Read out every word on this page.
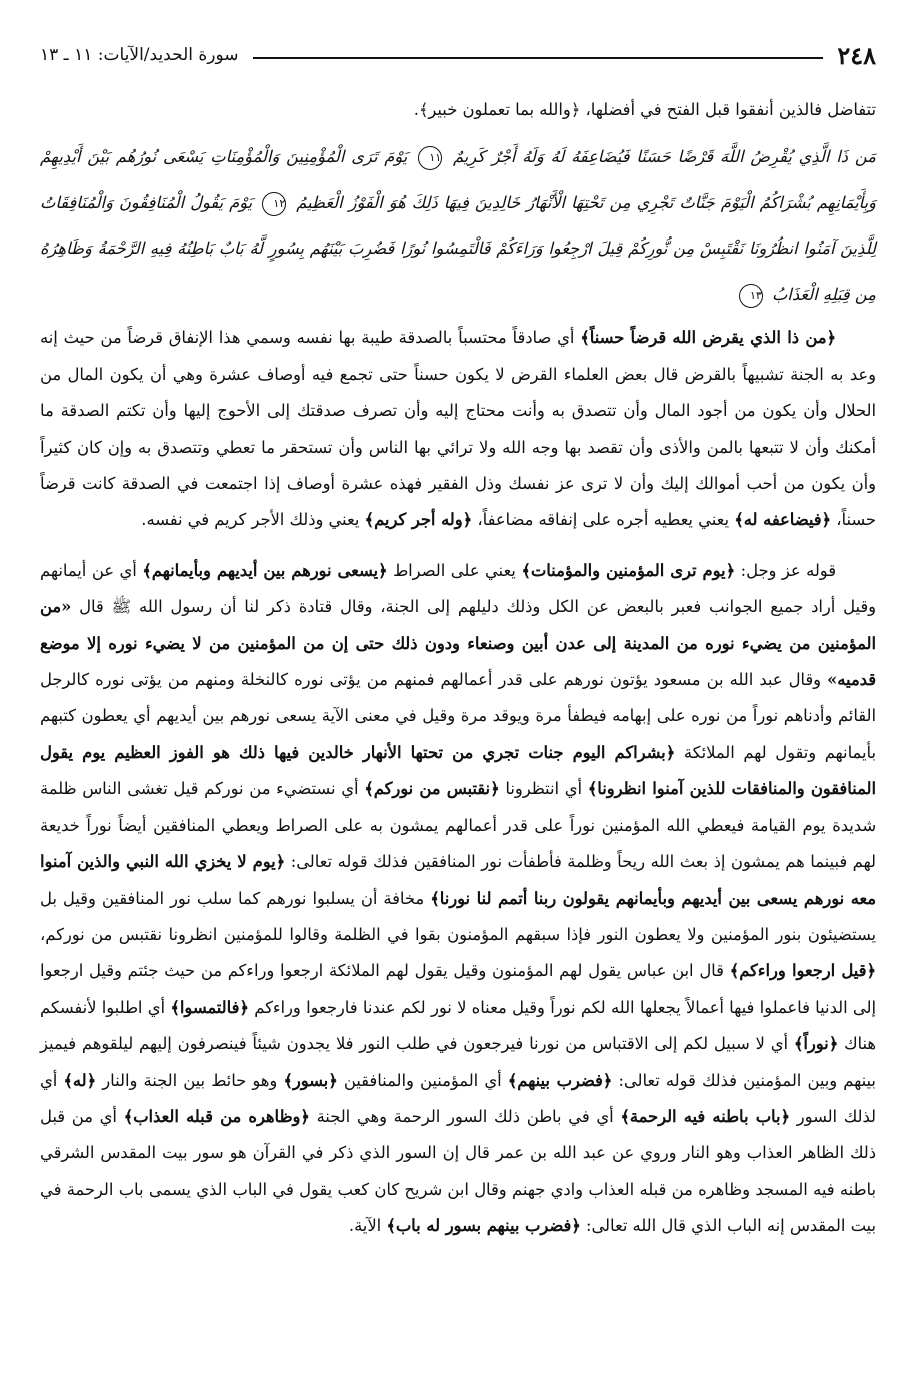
٢٤٨
سورة الحديد/الآيات: ١١ ـ ١٣

تتفاضل فالذين أنفقوا قبل الفتح في أفضلها، ﴿والله بما تعملون خبير﴾.

مَن ذَا الَّذِي يُقْرِضُ اللَّهَ قَرْضًا حَسَنًا فَيُضَاعِفَهُ لَهُ وَلَهُ أَجْرٌ كَرِيمٌ ١١ يَوْمَ تَرَى الْمُؤْمِنِينَ وَالْمُؤْمِنَاتِ يَسْعَى نُورُهُم بَيْنَ أَيْدِيهِمْ وَبِأَيْمَانِهِم بُشْرَاكُمُ الْيَوْمَ جَنَّاتٌ تَجْرِي مِن تَحْتِهَا الْأَنْهَارُ خَالِدِينَ فِيهَا ذَلِكَ هُوَ الْفَوْزُ الْعَظِيمُ ١٢ يَوْمَ يَقُولُ الْمُنَافِقُونَ وَالْمُنَافِقَاتُ لِلَّذِينَ آمَنُوا انظُرُونَا نَقْتَبِسْ مِن نُّورِكُمْ قِيلَ ارْجِعُوا وَرَاءَكُمْ فَالْتَمِسُوا نُورًا فَضُرِبَ بَيْنَهُم بِسُورٍ لَّهُ بَابٌ بَاطِنُهُ فِيهِ الرَّحْمَةُ وَظَاهِرُهُ مِن قِبَلِهِ الْعَذَابُ ١٣

﴿من ذا الذي يقرض الله قرضاً حسناً﴾ أي صادقاً محتسباً بالصدقة طيبة بها نفسه وسمي هذا الإنفاق قرضاً من حيث إنه وعد به الجنة تشبيهاً بالقرض قال بعض العلماء القرض لا يكون حسناً حتى تجمع فيه أوصاف عشرة وهي أن يكون المال من الحلال وأن يكون من أجود المال وأن تتصدق به وأنت محتاج إليه وأن تصرف صدقتك إلى الأحوج إليها وأن تكتم الصدقة ما أمكنك وأن لا تتبعها بالمن والأذى وأن تقصد بها وجه الله ولا ترائي بها الناس وأن تستحقر ما تعطي وتتصدق به وإن كان كثيراً وأن يكون من أحب أموالك إليك وأن لا ترى عز نفسك وذل الفقير فهذه عشرة أوصاف إذا اجتمعت في الصدقة كانت قرضاً حسناً، ﴿فيضاعفه له﴾ يعني يعطيه أجره على إنفاقه مضاعفاً، ﴿وله أجر كريم﴾ يعني وذلك الأجر كريم في نفسه.

قوله عز وجل: ﴿يوم ترى المؤمنين والمؤمنات﴾ يعني على الصراط ﴿يسعى نورهم بين أيديهم وبأيمانهم﴾ أي عن أيمانهم وقيل أراد جميع الجوانب فعبر بالبعض عن الكل وذلك دليلهم إلى الجنة، وقال قتادة ذكر لنا أن رسول الله ﷺ قال «من المؤمنين من يضيء نوره من المدينة إلى عدن أبين وصنعاء ودون ذلك حتى إن من المؤمنين من لا يضيء نوره إلا موضع قدميه» وقال عبد الله بن مسعود يؤتون نورهم على قدر أعمالهم فمنهم من يؤتى نوره كالنخلة ومنهم من يؤتى نوره كالرجل القائم وأدناهم نوراً من نوره على إبهامه فيطفأ مرة ويوقد مرة وقيل في معنى الآية يسعى نورهم بين أيديهم أي يعطون كتبهم بأيمانهم وتقول لهم الملائكة ﴿بشراكم اليوم جنات تجري من تحتها الأنهار خالدين فيها ذلك هو الفوز العظيم يوم يقول المنافقون والمنافقات للذين آمنوا انظرونا﴾ أي انتظرونا ﴿نقتبس من نوركم﴾ أي نستضيء من نوركم قيل تغشى الناس ظلمة شديدة يوم القيامة فيعطي الله المؤمنين نوراً على قدر أعمالهم يمشون به على الصراط ويعطي المنافقين أيضاً نوراً خديعة لهم فبينما هم يمشون إذ بعث الله ريحاً وظلمة فأطفأت نور المنافقين فذلك قوله تعالى: ﴿يوم لا يخزي الله النبي والذين آمنوا معه نورهم يسعى بين أيديهم وبأيمانهم يقولون ربنا أتمم لنا نورنا﴾ مخافة أن يسلبوا نورهم كما سلب نور المنافقين وقيل بل يستضيئون بنور المؤمنين ولا يعطون النور فإذا سبقهم المؤمنون بقوا في الظلمة وقالوا للمؤمنين انظرونا نقتبس من نوركم، ﴿قيل ارجعوا وراءكم﴾ قال ابن عباس يقول لهم المؤمنون وقيل يقول لهم الملائكة ارجعوا وراءكم من حيث جئتم وقيل ارجعوا إلى الدنيا فاعملوا فيها أعمالاً يجعلها الله لكم نوراً وقيل معناه لا نور لكم عندنا فارجعوا وراءكم ﴿فالتمسوا﴾ أي اطلبوا لأنفسكم هناك ﴿نوراً﴾ أي لا سبيل لكم إلى الاقتباس من نورنا فيرجعون في طلب النور فلا يجدون شيئاً فينصرفون إليهم ليلقوهم فيميز بينهم وبين المؤمنين فذلك قوله تعالى: ﴿فضرب بينهم﴾ أي المؤمنين والمنافقين ﴿بسور﴾ وهو حائط بين الجنة والنار ﴿له﴾ أي لذلك السور ﴿باب باطنه فيه الرحمة﴾ أي في باطن ذلك السور الرحمة وهي الجنة ﴿وظاهره من قبله العذاب﴾ أي من قبل ذلك الظاهر العذاب وهو النار وروي عن عبد الله بن عمر قال إن السور الذي ذكر في القرآن هو سور بيت المقدس الشرقي باطنه فيه المسجد وظاهره من قبله العذاب وادي جهنم وقال ابن شريح كان كعب يقول في الباب الذي يسمى باب الرحمة في بيت المقدس إنه الباب الذي قال الله تعالى: ﴿فضرب بينهم بسور له باب﴾ الآية.
